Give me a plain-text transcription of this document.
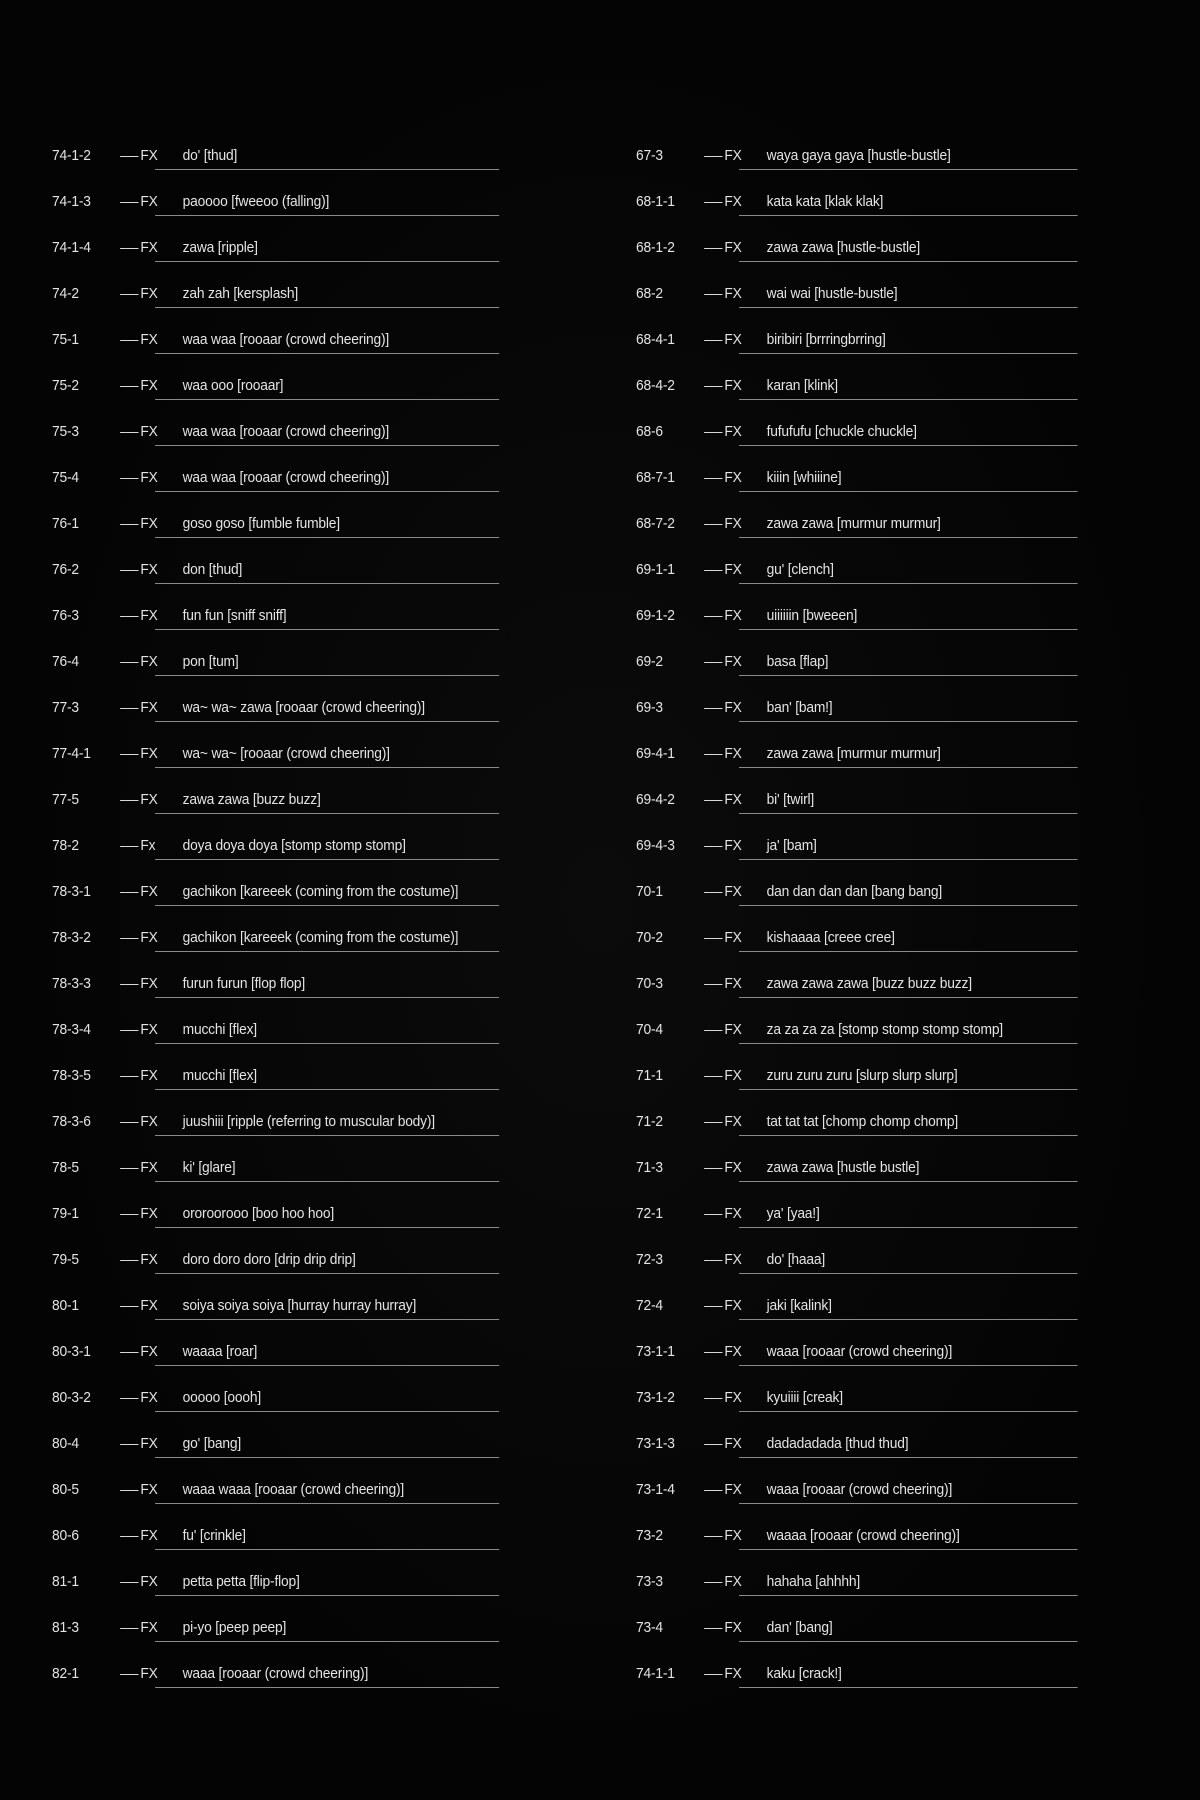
74-1-2	FX	do' [thud]
74-1-3	FX	paoooo [fweeoo (falling)]
74-1-4	FX	zawa [ripple]
74-2	FX	zah zah [kersplash]
75-1	FX	waa waa [rooaar (crowd cheering)]
75-2	FX	waa ooo [rooaar]
75-3	FX	waa waa [rooaar (crowd cheering)]
75-4	FX	waa waa [rooaar (crowd cheering)]
76-1	FX	goso goso [fumble fumble]
76-2	FX	don [thud]
76-3	FX	fun fun [sniff sniff]
76-4	FX	pon [tum]
77-3	FX	wa~ wa~ zawa [rooaar (crowd cheering)]
77-4-1	FX	wa~ wa~ [rooaar (crowd cheering)]
77-5	FX	zawa zawa [buzz buzz]
78-2	Fx	doya doya doya [stomp stomp stomp]
78-3-1	FX	gachikon [kareeek (coming from the costume)]
78-3-2	FX	gachikon [kareeek (coming from the costume)]
78-3-3	FX	furun furun [flop flop]
78-3-4	FX	mucchi [flex]
78-3-5	FX	mucchi [flex]
78-3-6	FX	juushiii [ripple (referring to muscular body)]
78-5	FX	ki' [glare]
79-1	FX	ororoorooo [boo hoo hoo]
79-5	FX	doro doro doro [drip drip drip]
80-1	FX	soiya soiya soiya [hurray hurray hurray]
80-3-1	FX	waaaa [roar]
80-3-2	FX	ooooo [oooh]
80-4	FX	go' [bang]
80-5	FX	waaa waaa [rooaar (crowd cheering)]
80-6	FX	fu' [crinkle]
81-1	FX	petta petta [flip-flop]
81-3	FX	pi-yo [peep peep]
82-1	FX	waaa [rooaar (crowd cheering)]
67-3	FX	waya gaya gaya [hustle-bustle]
68-1-1	FX	kata kata [klak klak]
68-1-2	FX	zawa zawa [hustle-bustle]
68-2	FX	wai wai [hustle-bustle]
68-4-1	FX	biribiri [brrringbrring]
68-4-2	FX	karan [klink]
68-6	FX	fufufufu [chuckle chuckle]
68-7-1	FX	kiiin [whiiine]
68-7-2	FX	zawa zawa [murmur murmur]
69-1-1	FX	gu' [clench]
69-1-2	FX	uiiiiiin [bweeen]
69-2	FX	basa [flap]
69-3	FX	ban' [bam!]
69-4-1	FX	zawa zawa [murmur murmur]
69-4-2	FX	bi' [twirl]
69-4-3	FX	ja' [bam]
70-1	FX	dan dan dan dan [bang bang]
70-2	FX	kishaaaa [creee cree]
70-3	FX	zawa zawa zawa [buzz buzz buzz]
70-4	FX	za za za za [stomp stomp stomp stomp]
71-1	FX	zuru zuru zuru [slurp slurp slurp]
71-2	FX	tat tat tat [chomp chomp chomp]
71-3	FX	zawa zawa [hustle bustle]
72-1	FX	ya' [yaa!]
72-3	FX	do' [haaa]
72-4	FX	jaki [kalink]
73-1-1	FX	waaa [rooaar (crowd cheering)]
73-1-2	FX	kyuiiii [creak]
73-1-3	FX	dadadadada [thud thud]
73-1-4	FX	waaa [rooaar (crowd cheering)]
73-2	FX	waaaa [rooaar (crowd cheering)]
73-3	FX	hahaha [ahhhh]
73-4	FX	dan' [bang]
74-1-1	FX	kaku [crack!]
